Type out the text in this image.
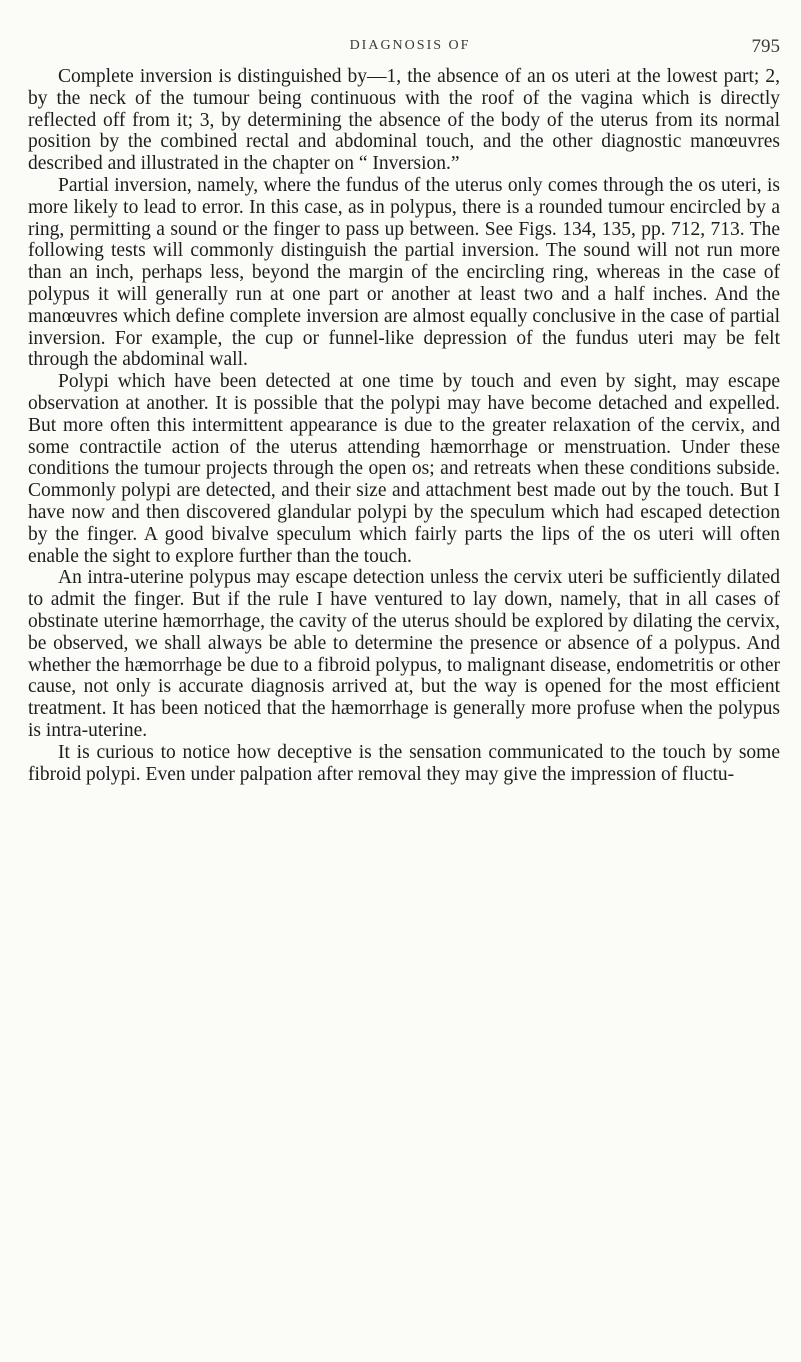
DIAGNOSIS OF	795

Complete inversion is distinguished by—1, the absence of an os uteri at the lowest part; 2, by the neck of the tumour being continuous with the roof of the vagina which is directly reflected off from it; 3, by determining the absence of the body of the uterus from its normal position by the combined rectal and abdominal touch, and the other diagnostic manœuvres described and illustrated in the chapter on “ Inversion.”

Partial inversion, namely, where the fundus of the uterus only comes through the os uteri, is more likely to lead to error. In this case, as in polypus, there is a rounded tumour encircled by a ring, permitting a sound or the finger to pass up between. See Figs. 134, 135, pp. 712, 713. The following tests will commonly distinguish the partial inversion. The sound will not run more than an inch, perhaps less, beyond the margin of the encircling ring, whereas in the case of polypus it will generally run at one part or another at least two and a half inches. And the manœuvres which define complete inversion are almost equally conclusive in the case of partial inversion. For example, the cup or funnel-like depression of the fundus uteri may be felt through the abdominal wall.

Polypi which have been detected at one time by touch and even by sight, may escape observation at another. It is possible that the polypi may have become detached and expelled. But more often this intermittent appearance is due to the greater relaxation of the cervix, and some contractile action of the uterus attending hæmorrhage or menstruation. Under these conditions the tumour projects through the open os; and retreats when these conditions subside. Commonly polypi are detected, and their size and attachment best made out by the touch. But I have now and then discovered glandular polypi by the speculum which had escaped detection by the finger. A good bivalve speculum which fairly parts the lips of the os uteri will often enable the sight to explore further than the touch.

An intra-uterine polypus may escape detection unless the cervix uteri be sufficiently dilated to admit the finger. But if the rule I have ventured to lay down, namely, that in all cases of obstinate uterine hæmorrhage, the cavity of the uterus should be explored by dilating the cervix, be observed, we shall always be able to determine the presence or absence of a polypus. And whether the hæmorrhage be due to a fibroid polypus, to malignant disease, endometritis or other cause, not only is accurate diagnosis arrived at, but the way is opened for the most efficient treatment. It has been noticed that the hæmorrhage is generally more profuse when the polypus is intra-uterine.

It is curious to notice how deceptive is the sensation communicated to the touch by some fibroid polypi. Even under palpation after removal they may give the impression of fluctu-
